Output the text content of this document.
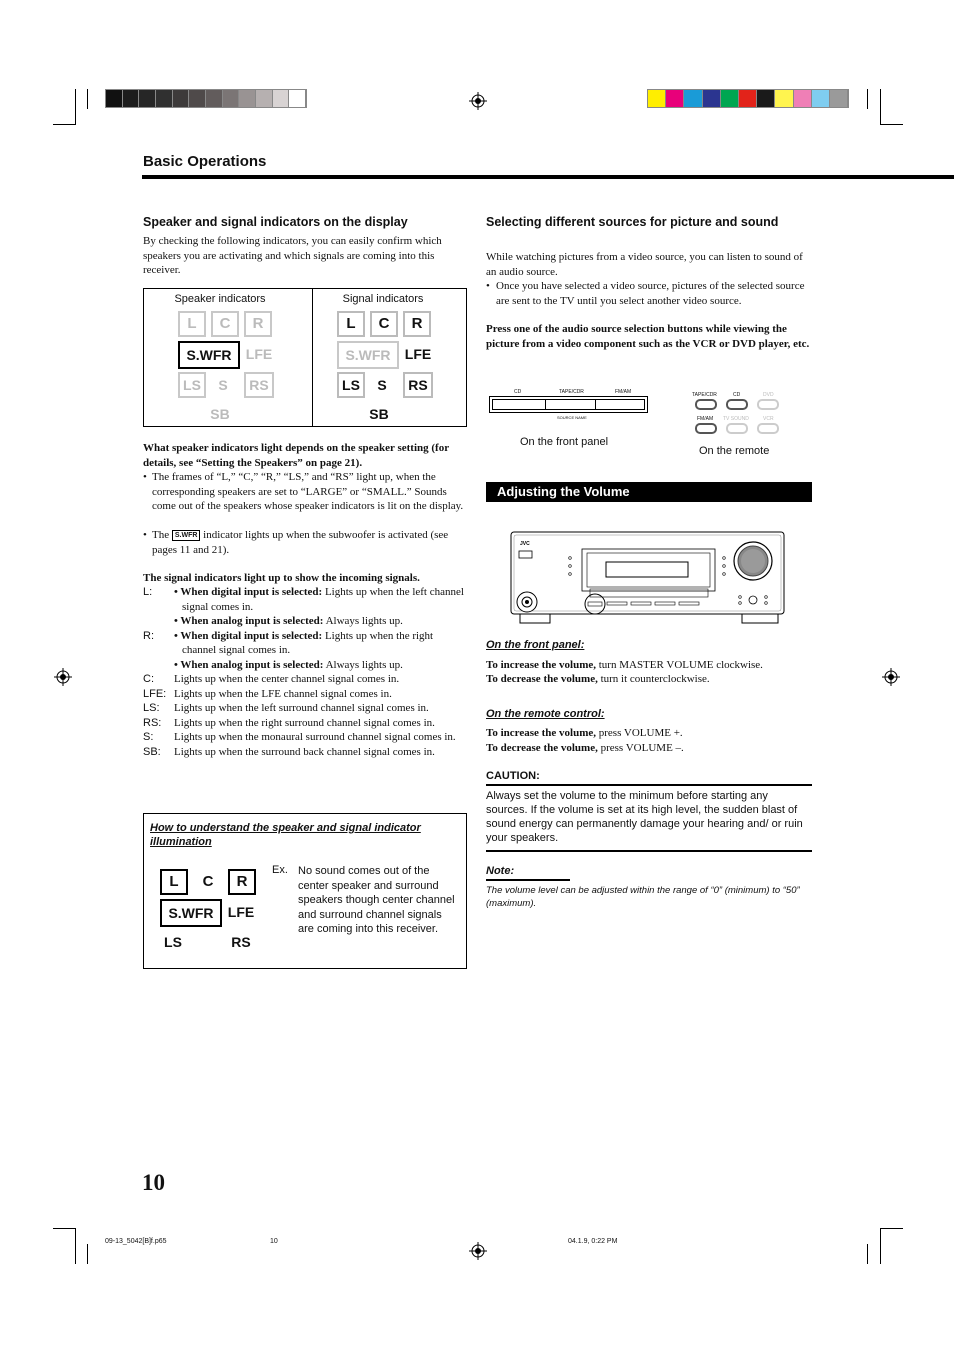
Basic Operations
Speaker and signal indicators on the display
By checking the following indicators, you can easily confirm which speakers you are activating and which signals are coming into this receiver.
Speaker indicators	Signal indicators
L	C	R
S.WFR	LFE
LS	S	RS
SB
L	C	R
S.WFR	LFE
LS	S	RS
SB
What speaker indicators light depends on the speaker setting (for details, see “Setting the Speakers” on page 21).
• The frames of “L,” “C,” “R,” “LS,” and “RS” light up, when the corresponding speakers are set to “LARGE” or “SMALL.” Sounds come out of the speakers whose speaker indicators is lit on the display.
• The S.WFR indicator lights up when the subwoofer is activated (see pages 11 and 21).
The signal indicators light up to show the incoming signals.
L: • When digital input is selected: Lights up when the left channel signal comes in.
• When analog input is selected: Always lights up.
R: • When digital input is selected: Lights up when the right channel signal comes in.
• When analog input is selected: Always lights up.
C: Lights up when the center channel signal comes in.
LFE: Lights up when the LFE channel signal comes in.
LS: Lights up when the left surround channel signal comes in.
RS: Lights up when the right surround channel signal comes in.
S: Lights up when the monaural surround channel signal comes in.
SB: Lights up when the surround back channel signal comes in.
How to understand the speaker and signal indicator illumination
L	C	R
S.WFR	LFE
LS	RS
Ex. No sound comes out of the center speaker and surround speakers though center channel and surround channel signals are coming into this receiver.
10
Selecting different sources for picture and sound
While watching pictures from a video source, you can listen to sound of an audio source.
• Once you have selected a video source, pictures of the selected source are sent to the TV until you select another video source.
Press one of the audio source selection buttons while viewing the picture from a video component such as the VCR or DVD player, etc.
CD	TAPE/CDR	FM/AM
SOURCE NAME
On the front panel
TAPE/CDR	CD	DVD
FM/AM TV SOUND	VCR
On the remote
Adjusting the Volume
JVC
On the front panel:
To increase the volume, turn MASTER VOLUME clockwise.
To decrease the volume, turn it counterclockwise.
On the remote control:
To increase the volume, press VOLUME +.
To decrease the volume, press VOLUME –.
CAUTION:
Always set the volume to the minimum before starting any sources. If the volume is set at its high level, the sudden blast of sound energy can permanently damage your hearing and/ or ruin your speakers.
Note:
The volume level can be adjusted within the range of “0” (minimum) to “50” (maximum).
09-13_5042[B]f.p65	10	04.1.9, 0:22 PM
